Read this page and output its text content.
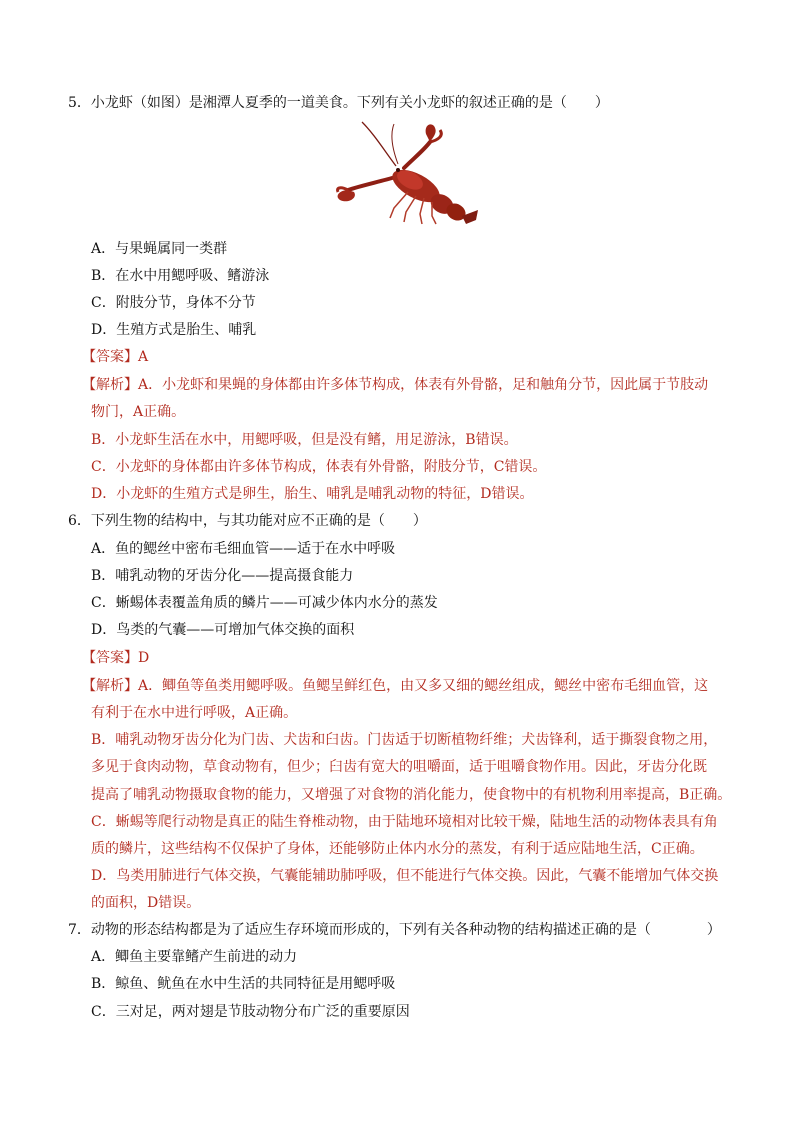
5．小龙虾（如图）是湘潭人夏季的一道美食。下列有关小龙虾的叙述正确的是（　　）
A．与果蝇属同一类群
B．在水中用鳃呼吸、鳍游泳
C．附肢分节，身体不分节
D．生殖方式是胎生、哺乳
【答案】A
【解析】A．小龙虾和果蝇的身体都由许多体节构成，体表有外骨骼，足和触角分节，因此属于节肢动
物门，A正确。
B．小龙虾生活在水中，用鳃呼吸，但是没有鳍，用足游泳，B错误。
C．小龙虾的身体都由许多体节构成，体表有外骨骼，附肢分节，C错误。
D．小龙虾的生殖方式是卵生，胎生、哺乳是哺乳动物的特征，D错误。
6．下列生物的结构中，与其功能对应不正确的是（　　）
A．鱼的鳃丝中密布毛细血管——适于在水中呼吸
B．哺乳动物的牙齿分化——提高摄食能力
C．蜥蜴体表覆盖角质的鳞片——可减少体内水分的蒸发
D．鸟类的气囊——可增加气体交换的面积
【答案】D
【解析】A．鲫鱼等鱼类用鳃呼吸。鱼鳃呈鲜红色，由又多又细的鳃丝组成，鳃丝中密布毛细血管，这
有利于在水中进行呼吸，A正确。
B．哺乳动物牙齿分化为门齿、犬齿和臼齿。门齿适于切断植物纤维；犬齿锋利，适于撕裂食物之用，
多见于食肉动物，草食动物有，但少；臼齿有宽大的咀嚼面，适于咀嚼食物作用。因此，牙齿分化既
提高了哺乳动物摄取食物的能力，又增强了对食物的消化能力，使食物中的有机物利用率提高，B正确。
C．蜥蜴等爬行动物是真正的陆生脊椎动物，由于陆地环境相对比较干燥，陆地生活的动物体表具有角
质的鳞片，这些结构不仅保护了身体，还能够防止体内水分的蒸发，有利于适应陆地生活，C正确。
D．鸟类用肺进行气体交换，气囊能辅助肺呼吸，但不能进行气体交换。因此，气囊不能增加气体交换
的面积，D错误。
7．动物的形态结构都是为了适应生存环境而形成的，下列有关各种动物的结构描述正确的是（　　　　）
A．鲫鱼主要靠鳍产生前进的动力
B．鲸鱼、鱿鱼在水中生活的共同特征是用鳃呼吸
C．三对足，两对翅是节肢动物分布广泛的重要原因
